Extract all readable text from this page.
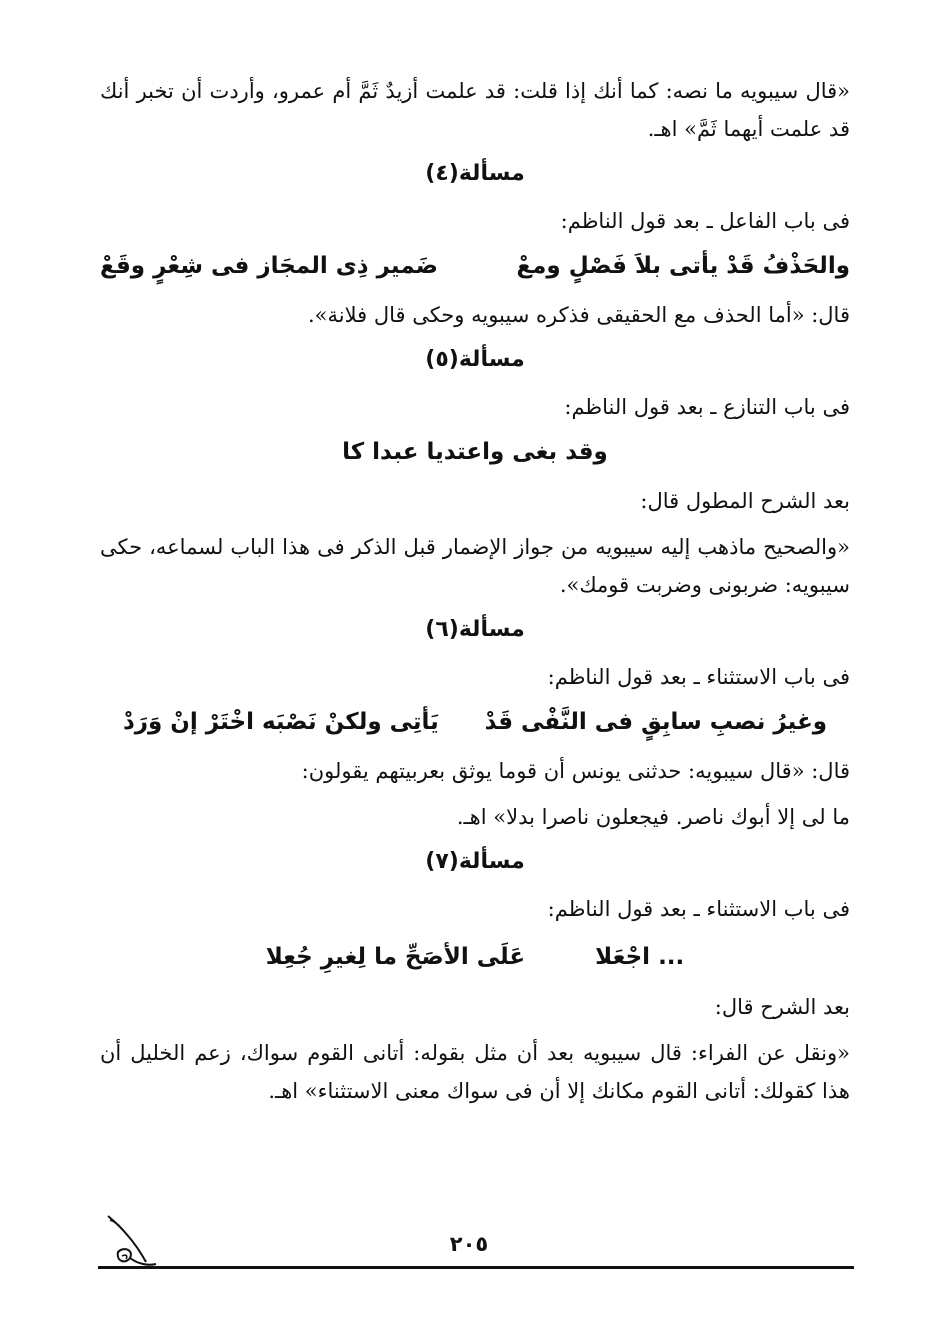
«قال سيبويه ما نصه: كما أنك إذا قلت: قد علمت أزيدٌ ثَمَّ أم عمرو، وأردت أن تخبر أنك قد علمت أيهما ثَمَّ» اهـ.

مسألة(٤)

فى باب الفاعل ـ بعد قول الناظم:

والحَذْفُ قَدْ يأتى بلاَ فَصْلٍ ومعْ
ضَمير ذِى المجَاز فى شِعْرٍ وقَعْ

قال: «أما الحذف مع الحقيقى فذكره سيبويه وحكى قال فلانة».

مسألة(٥)

فى باب التنازع ـ بعد قول الناظم:

وقد بغى واعتديا عبدا كا

بعد الشرح المطول قال:

«والصحيح ماذهب إليه سيبويه من جواز الإضمار قبل الذكر فى هذا الباب لسماعه، حكى سيبويه: ضربونى وضربت قومك».

مسألة(٦)

فى باب الاستثناء ـ بعد قول الناظم:

وغيرُ نصبِ سابِقٍ فى النَّفْى قَدْ
يَأتِى ولكنْ نَصْبَه اخْتَرْ إنْ وَرَدْ

قال: «قال سيبويه: حدثنى يونس أن قوما يوثق بعربيتهم يقولون:

ما لى إلا أبوك ناصر. فيجعلون ناصرا بدلا» اهـ.

مسألة(٧)

فى باب الاستثناء ـ بعد قول الناظم:

... اجْعَلا
عَلَى الأصَحِّ ما لِغيرِ جُعِلا

بعد الشرح قال:

«ونقل عن الفراء: قال سيبويه بعد أن مثل بقوله: أتانى القوم سواك، زعم الخليل أن هذا كقولك: أتانى القوم مكانك إلا أن فى سواك معنى الاستثناء» اهـ.

٢٠٥
